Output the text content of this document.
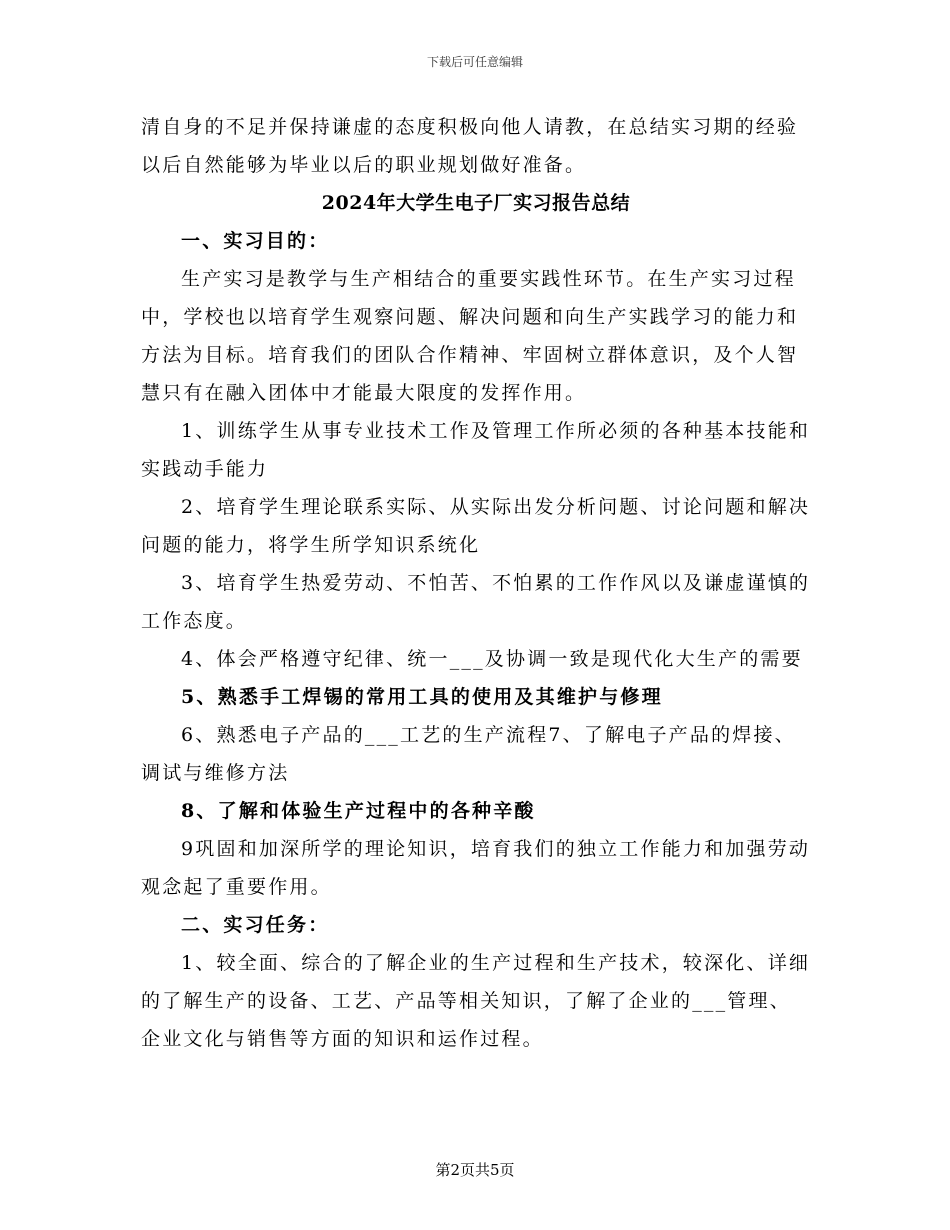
下载后可任意编辑

清自身的不足并保持谦虚的态度积极向他人请教，在总结实习期的经验以后自然能够为毕业以后的职业规划做好准备。

2024年大学生电子厂实习报告总结

一、实习目的：

生产实习是教学与生产相结合的重要实践性环节。在生产实习过程中，学校也以培育学生观察问题、解决问题和向生产实践学习的能力和方法为目标。培育我们的团队合作精神、牢固树立群体意识，及个人智慧只有在融入团体中才能最大限度的发挥作用。

1、训练学生从事专业技术工作及管理工作所必须的各种基本技能和实践动手能力

2、培育学生理论联系实际、从实际出发分析问题、讨论问题和解决问题的能力，将学生所学知识系统化

3、培育学生热爱劳动、不怕苦、不怕累的工作作风以及谦虚谨慎的工作态度。

4、体会严格遵守纪律、统一___及协调一致是现代化大生产的需要

5、熟悉手工焊锡的常用工具的使用及其维护与修理

6、熟悉电子产品的___工艺的生产流程7、了解电子产品的焊接、调试与维修方法

8、了解和体验生产过程中的各种辛酸

9巩固和加深所学的理论知识，培育我们的独立工作能力和加强劳动观念起了重要作用。

二、实习任务：

1、较全面、综合的了解企业的生产过程和生产技术，较深化、详细的了解生产的设备、工艺、产品等相关知识，了解了企业的___管理、企业文化与销售等方面的知识和运作过程。

第2页共5页
